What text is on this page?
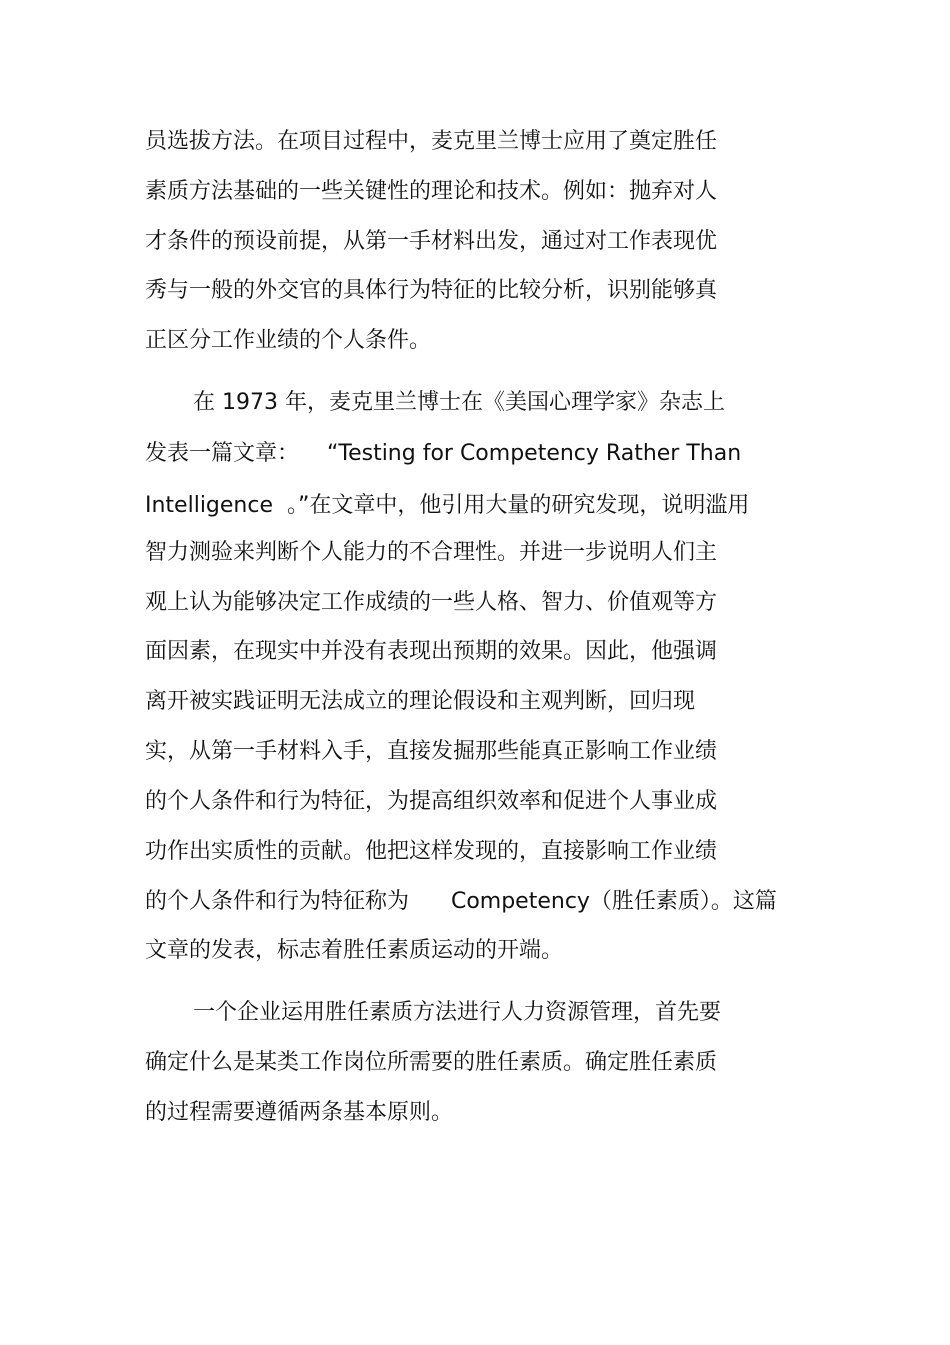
员选拔方法。在项目过程中，麦克里兰博士应用了奠定胜任
素质方法基础的一些关键性的理论和技术。例如：抛弃对人
才条件的预设前提，从第一手材料出发，通过对工作表现优
秀与一般的外交官的具体行为特征的比较分析，识别能够真
正区分工作业绩的个人条件。
在 1973 年，麦克里兰博士在《美国心理学家》杂志上
发表一篇文章：    “Testing for Competency Rather Than
Intelligence  。”在文章中，他引用大量的研究发现，说明滥用
智力测验来判断个人能力的不合理性。并进一步说明人们主
观上认为能够决定工作成绩的一些人格、智力、价值观等方
面因素，在现实中并没有表现出预期的效果。因此，他强调
离开被实践证明无法成立的理论假设和主观判断，回归现
实，从第一手材料入手，直接发掘那些能真正影响工作业绩
的个人条件和行为特征，为提高组织效率和促进个人事业成
功作出实质性的贡献。他把这样发现的，直接影响工作业绩
的个人条件和行为特征称为      Competency（胜任素质）。这篇
文章的发表，标志着胜任素质运动的开端。
一个企业运用胜任素质方法进行人力资源管理，首先要
确定什么是某类工作岗位所需要的胜任素质。确定胜任素质
的过程需要遵循两条基本原则。
